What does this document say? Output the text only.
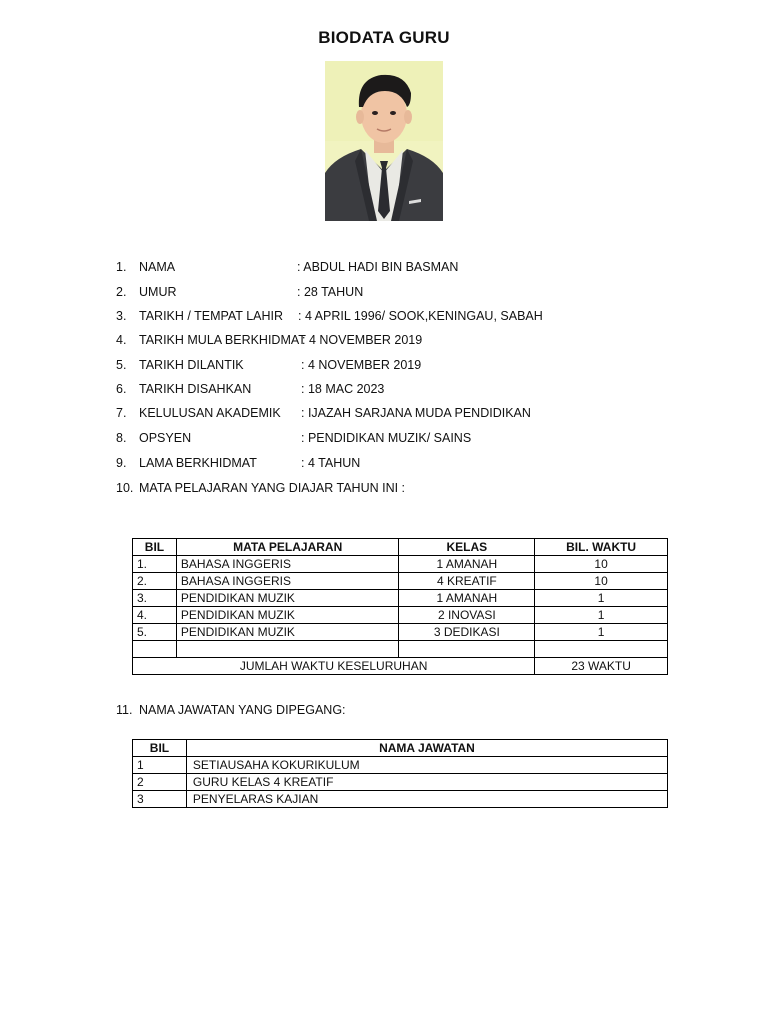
BIODATA GURU
1. NAMA	: ABDUL HADI BIN BASMAN
2. UMUR	: 28 TAHUN
3. TARIKH / TEMPAT LAHIR : 4 APRIL 1996/ SOOK,KENINGAU, SABAH
4. TARIKH MULA BERKHIDMAT
: 4 NOVEMBER 2019
5. TARIKH DILANTIK	: 4 NOVEMBER 2019
6. TARIKH DISAHKAN	: 18 MAC 2023
7. KELULUSAN AKADEMIK : IJAZAH SARJANA MUDA PENDIDIKAN
8. OPSYEN	: PENDIDIKAN MUZIK/ SAINS
9. LAMA BERKHIDMAT	: 4 TAHUN
10. MATA PELAJARAN YANG DIAJAR TAHUN INI :
11. NAMA JAWATAN YANG DIPEGANG:
BIL	MATA PELAJARAN	KELAS	BIL. WAKTU
1.	BAHASA INGGERIS	1 AMANAH	10
2.	BAHASA INGGERIS	4 KREATIF	10
3.	PENDIDIKAN MUZIK	1 AMANAH	1
4.	PENDIDIKAN MUZIK	2 INOVASI	1
5.	PENDIDIKAN MUZIK	3 DEDIKASI	1

JUMLAH WAKTU KESELURUHAN			23 WAKTU
BIL	NAMA JAWATAN
1	SETIAUSAHA KOKURIKULUM
2	GURU KELAS 4 KREATIF
3	PENYELARAS KAJIAN
